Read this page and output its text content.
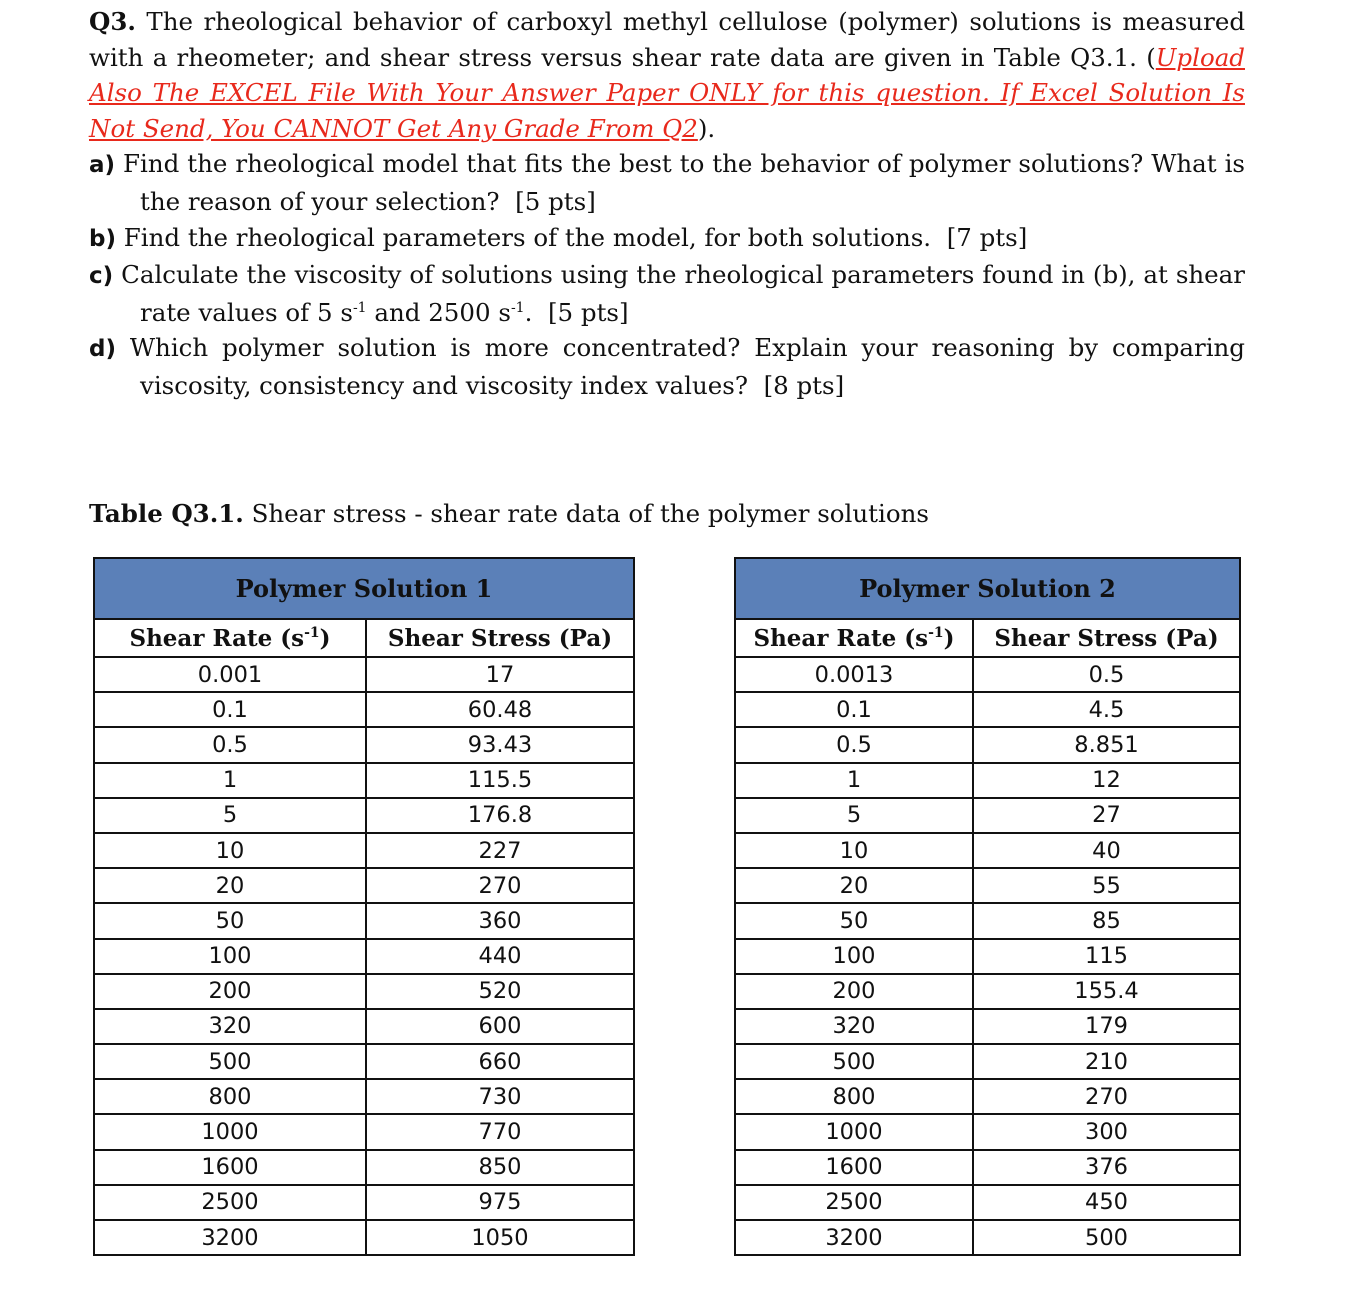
Q3. The rheological behavior of carboxyl methyl cellulose (polymer) solutions is measured with a rheometer; and shear stress versus shear rate data are given in Table Q3.1. (Upload Also The EXCEL File With Your Answer Paper ONLY for this question. If Excel Solution Is Not Send, You CANNOT Get Any Grade From Q2).

a) Find the rheological model that fits the best to the behavior of polymer solutions? What is the reason of your selection? [5 pts]

b) Find the rheological parameters of the model, for both solutions. [7 pts]

c) Calculate the viscosity of solutions using the rheological parameters found in (b), at shear rate values of 5 $s^{-1}$ and 2500 $s^{-1}$. [5 pts]

d) Which polymer solution is more concentrated? Explain your reasoning by comparing viscosity, consistency and viscosity index values? [8 pts]

Table Q3.1. Shear stress - shear rate data of the polymer solutions
Polymer Solution 1	
Shear Rate $(s^{-1})$	Shear Stress (Pa)
0.001	17
0.1	60.48
0.5	93.43
1	115.5
5	176.8
10	227
20	270
50	360
100	440
200	520
320	600
500	660
800	730
1000	770
1600	850
2500	975
3200	1050
Polymer Solution 2	
Shear Rate $(s^{-1})$	Shear Stress (Pa)
0.0013	0.5
0.1	4.5
0.5	8.851
1	12
5	27
10	40
20	55
50	85
100	115
200	155.4
320	179
500	210
800	270
1000	300
1600	376
2500	450
3200	500
